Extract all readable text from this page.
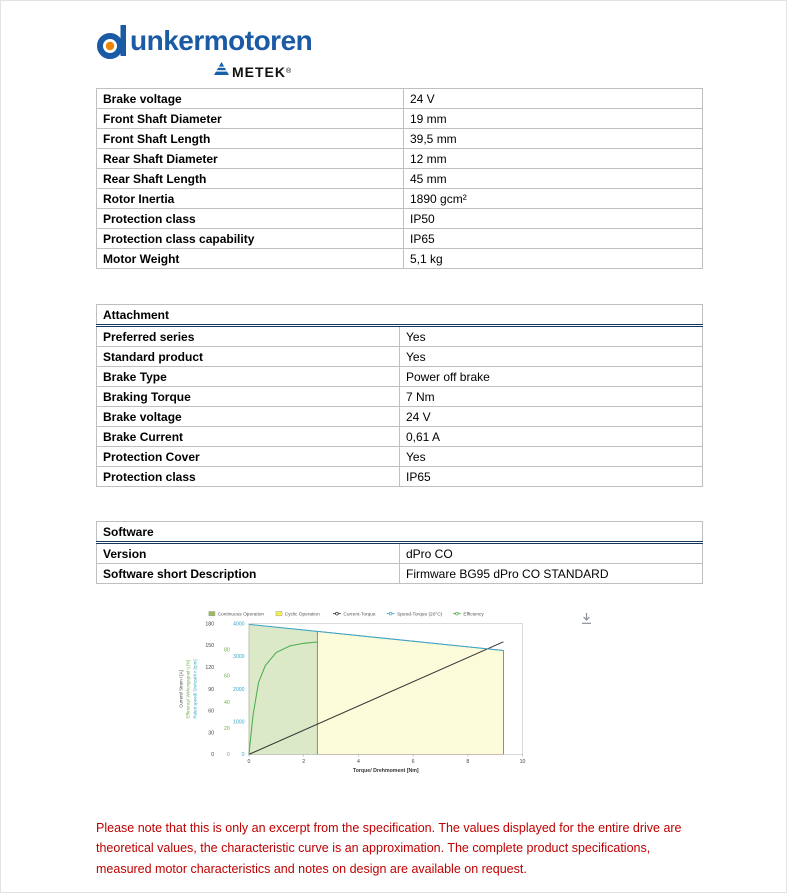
unkermotoren
METEK ®
Brake voltage	24 V
Front Shaft Diameter	19 mm
Front Shaft Length	39,5 mm
Rear Shaft Diameter	12 mm
Rear Shaft Length	45 mm
Rotor Inertia	1890 gcm²
Protection class	IP50
Protection class capability	IP65
Motor Weight	5,1 kg
Attachment	
Preferred series	Yes
Standard product	Yes
Brake Type	Power off brake
Braking Torque	7 Nm
Brake voltage	24 V
Brake Current	0,61 A
Protection Cover	Yes
Protection class	IP65
Software	
Version	dPro CO
Software short Description	Firmware BG95 dPro CO STANDARD
0
30
60
90
120
150
180
Current/ Strom I [A]
0
20
40
60
80
Efficiency/ Wirkungsgrad η [%]
0
1000
2000
3000
4000
Rated speed/ Drehzahl n [rpm]
0	2	4	6	8	10
Torque/ Drehmoment [Nm]
Continuous Operation	Cyclic Operation	Current-Torque	Speed-Torque (20°C)	Efficiency

Please note that this is only an excerpt from the specification. The values displayed for the entire drive are theoretical values, the characteristic curve is an approximation. The complete product specifications, measured motor characteristics and notes on design are available on request.
